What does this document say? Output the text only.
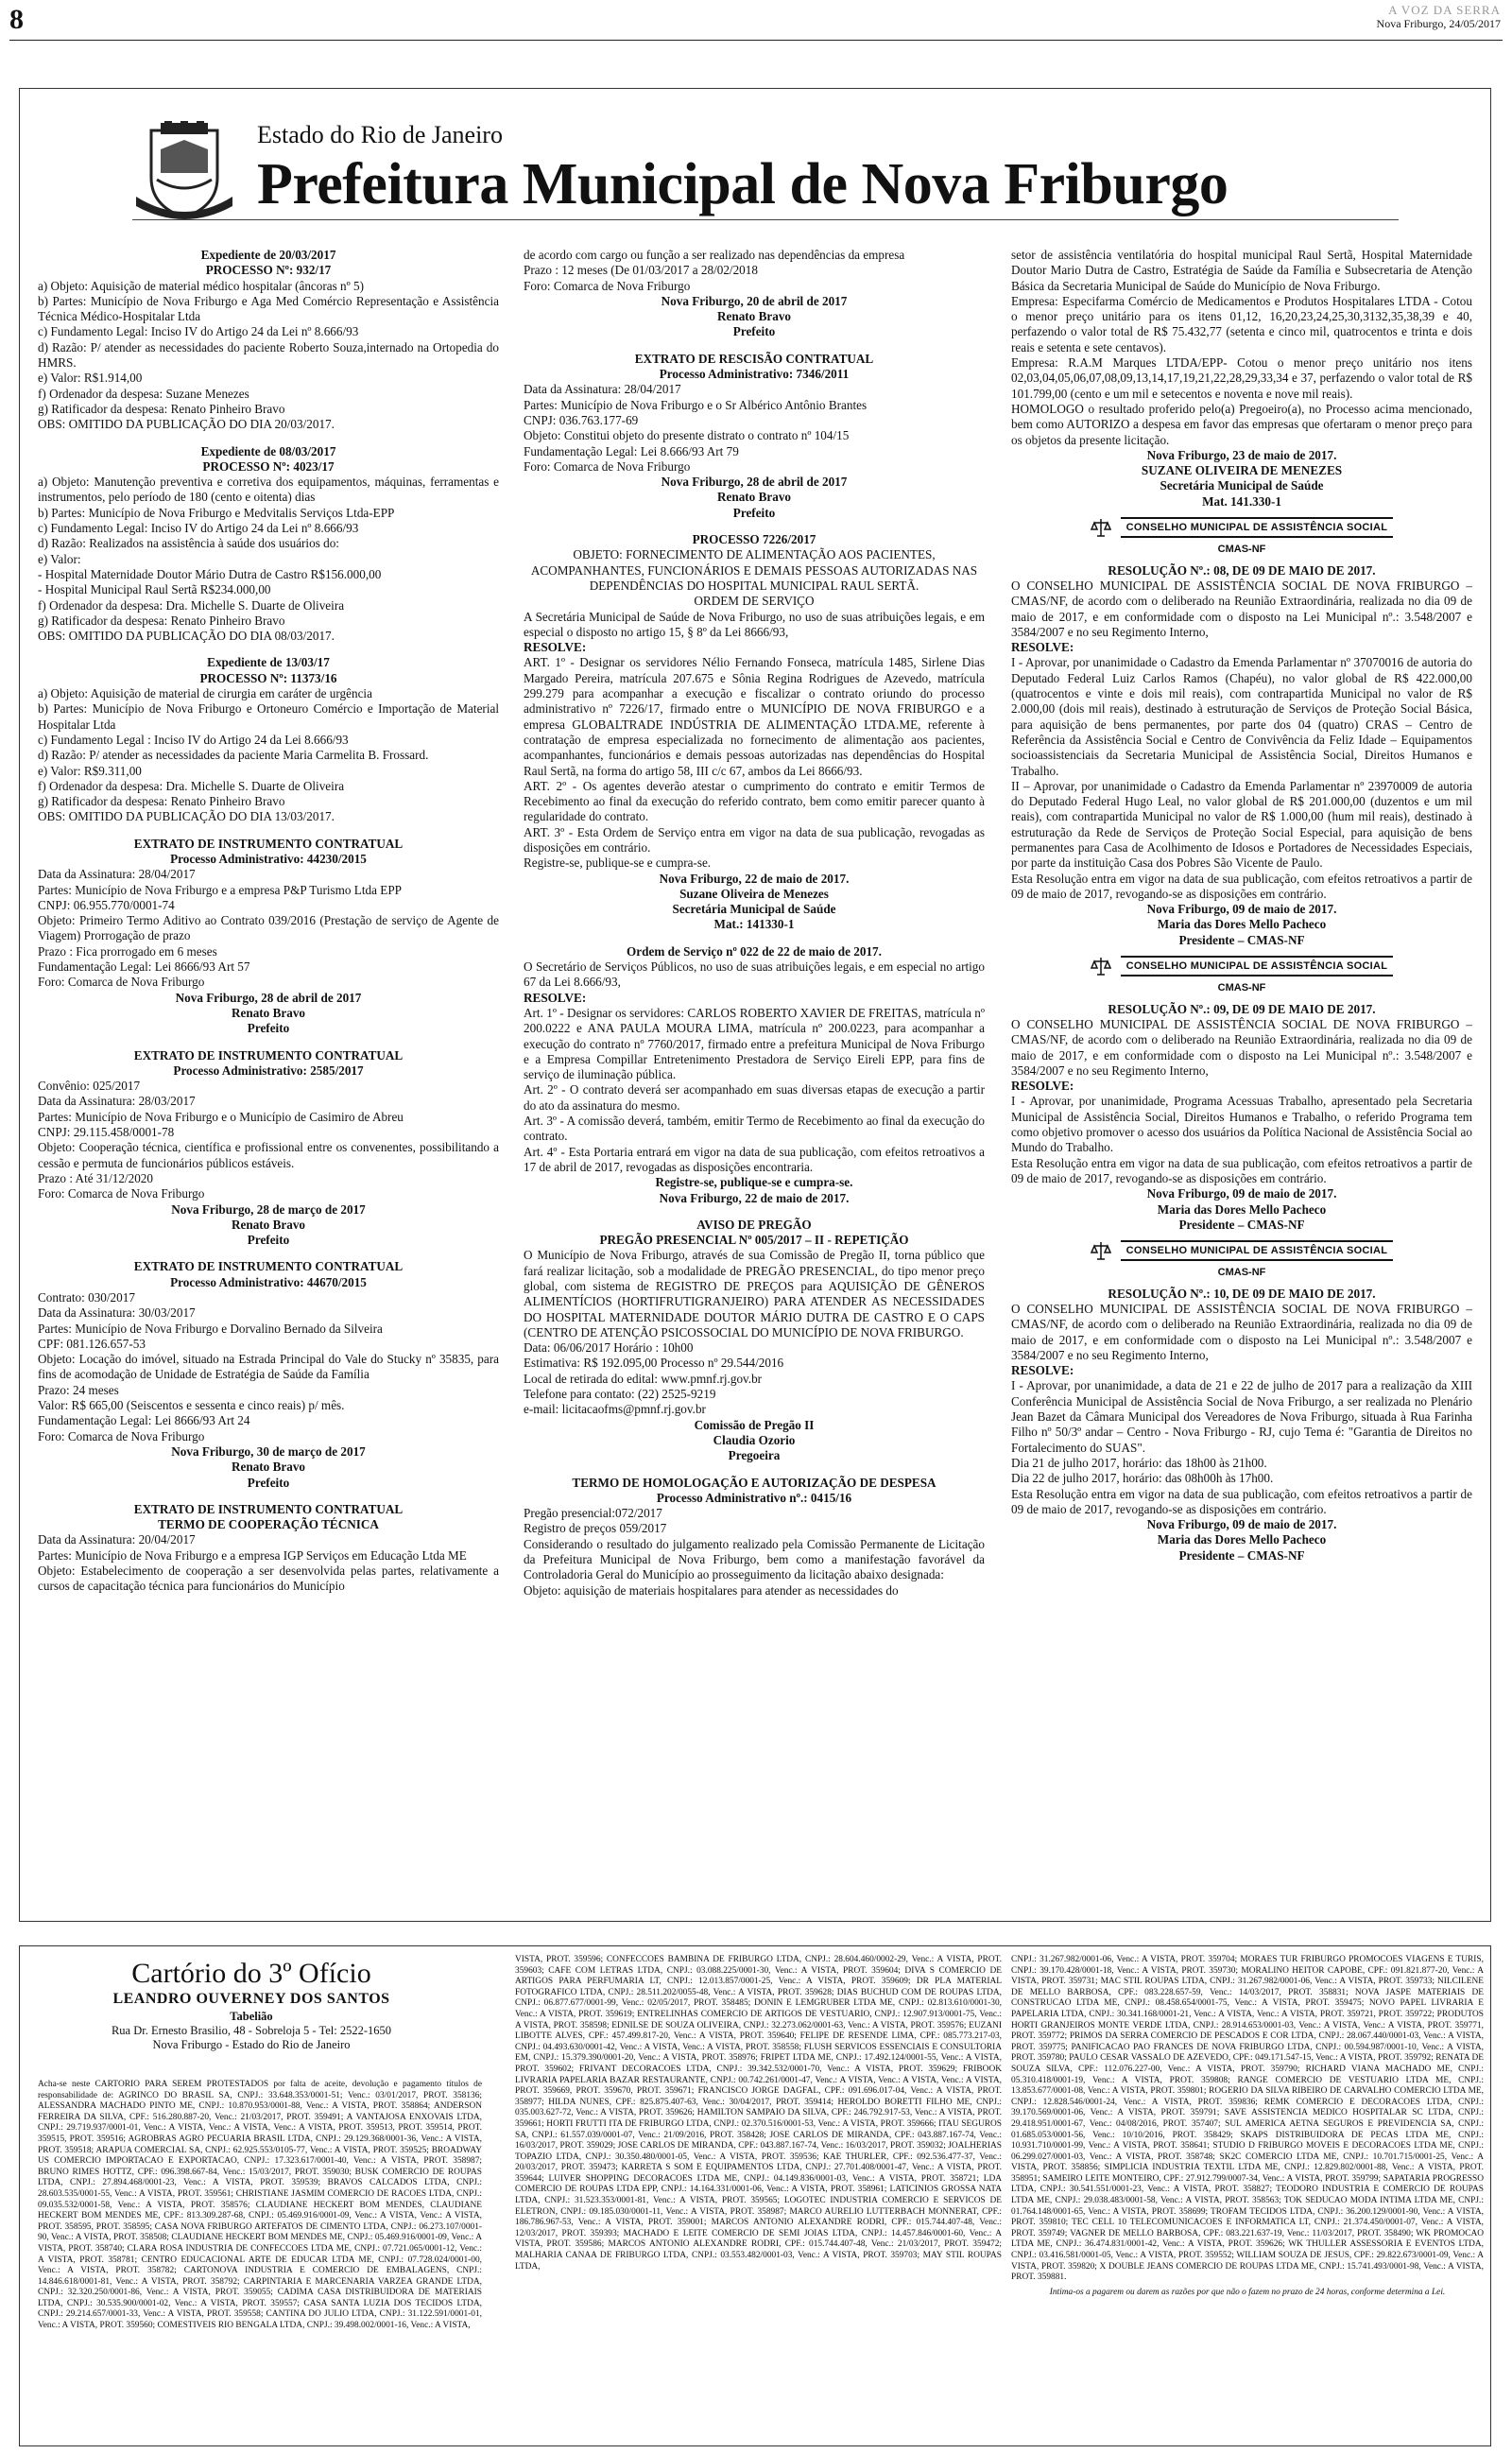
8	A VOZ DA SERRA
Nova Friburgo, 24/05/2017
Estado do Rio de Janeiro
Prefeitura Municipal de Nova Friburgo

Expediente de 20/03/2017

PROCESSO Nº: 932/17

a) Objeto: Aquisição de material médico hospitalar (âncoras nº 5)

b) Partes: Município de Nova Friburgo e Aga Med Comércio Representação e Assistência Técnica Médico-Hospitalar Ltda

c) Fundamento Legal: Inciso IV do Artigo 24 da Lei nº 8.666/93

d) Razão: P/ atender as necessidades do paciente Roberto Souza,internado na Ortopedia do HMRS.

e) Valor: R$1.914,00

f) Ordenador da despesa: Suzane Menezes

g) Ratificador da despesa: Renato Pinheiro Bravo

OBS: OMITIDO DA PUBLICAÇÃO DO DIA 20/03/2017.

Expediente de 08/03/2017

PROCESSO Nº: 4023/17

a) Objeto: Manutenção preventiva e corretiva dos equipamentos, máquinas, ferramentas e instrumentos, pelo período de 180 (cento e oitenta) dias

b) Partes: Município de Nova Friburgo e Medvitalis Serviços Ltda-EPP

c) Fundamento Legal: Inciso IV do Artigo 24 da Lei nº 8.666/93

d) Razão: Realizados na assistência à saúde dos usuários do:

e) Valor:

- Hospital Maternidade Doutor Mário Dutra de Castro R$156.000,00

- Hospital Municipal Raul Sertã R$234.000,00

f) Ordenador da despesa: Dra. Michelle S. Duarte de Oliveira

g) Ratificador da despesa: Renato Pinheiro Bravo

OBS: OMITIDO DA PUBLICAÇÃO DO DIA 08/03/2017.

Expediente de 13/03/17

PROCESSO Nº: 11373/16

a) Objeto: Aquisição de material de cirurgia em caráter de urgência

b) Partes: Município de Nova Friburgo e Ortoneuro Comércio e Importação de Material Hospitalar Ltda

c) Fundamento Legal : Inciso IV do Artigo 24 da Lei 8.666/93

d) Razão: P/ atender as necessidades da paciente Maria Carmelita B. Frossard.

e) Valor: R$9.311,00

f) Ordenador da despesa: Dra. Michelle S. Duarte de Oliveira

g) Ratificador da despesa: Renato Pinheiro Bravo

OBS: OMITIDO DA PUBLICAÇÃO DO DIA 13/03/2017.

EXTRATO DE INSTRUMENTO CONTRATUAL

Processo Administrativo: 44230/2015

Data da Assinatura: 28/04/2017

Partes: Município de Nova Friburgo e a empresa P&P Turismo Ltda EPP

CNPJ: 06.955.770/0001-74

Objeto: Primeiro Termo Aditivo ao Contrato 039/2016 (Prestação de serviço de Agente de Viagem) Prorrogação de prazo

Prazo : Fica prorrogado em 6 meses

Fundamentação Legal: Lei 8666/93 Art 57

Foro: Comarca de Nova Friburgo

Nova Friburgo, 28 de abril de 2017

Renato Bravo

Prefeito

EXTRATO DE INSTRUMENTO CONTRATUAL

Processo Administrativo: 2585/2017

Convênio: 025/2017

Data da Assinatura: 28/03/2017

Partes: Município de Nova Friburgo e o Município de Casimiro de Abreu

CNPJ: 29.115.458/0001-78

Objeto: Cooperação técnica, científica e profissional entre os convenentes, possibilitando a cessão e permuta de funcionários públicos estáveis.

Prazo : Até 31/12/2020

Foro: Comarca de Nova Friburgo

Nova Friburgo, 28 de março de 2017

Renato Bravo

Prefeito

EXTRATO DE INSTRUMENTO CONTRATUAL

Processo Administrativo: 44670/2015

Contrato: 030/2017

Data da Assinatura: 30/03/2017

Partes: Município de Nova Friburgo e Dorvalino Bernado da Silveira

CPF: 081.126.657-53

Objeto: Locação do imóvel, situado na Estrada Principal do Vale do Stucky nº 35835, para fins de acomodação de Unidade de Estratégia de Saúde da Família

Prazo: 24 meses

Valor: R$ 665,00 (Seiscentos e sessenta e cinco reais) p/ mês.

Fundamentação Legal: Lei 8666/93 Art 24

Foro: Comarca de Nova Friburgo

Nova Friburgo, 30 de março de 2017

Renato Bravo

Prefeito

EXTRATO DE INSTRUMENTO CONTRATUAL

TERMO DE COOPERAÇÃO TÉCNICA

Data da Assinatura: 20/04/2017

Partes: Município de Nova Friburgo e a empresa IGP Serviços em Educação Ltda ME

Objeto: Estabelecimento de cooperação a ser desenvolvida pelas partes, relativamente a cursos de capacitação técnica para funcionários do Município

de acordo com cargo ou função a ser realizado nas dependências da empresa

Prazo : 12 meses (De 01/03/2017 a 28/02/2018

Foro: Comarca de Nova Friburgo

Nova Friburgo, 20 de abril de 2017

Renato Bravo

Prefeito

EXTRATO DE RESCISÃO CONTRATUAL

Processo Administrativo: 7346/2011

Data da Assinatura: 28/04/2017

Partes: Município de Nova Friburgo e o Sr Albérico Antônio Brantes

CNPJ: 036.763.177-69

Objeto: Constitui objeto do presente distrato o contrato nº 104/15

Fundamentação Legal: Lei 8.666/93 Art 79

Foro: Comarca de Nova Friburgo

Nova Friburgo, 28 de abril de 2017

Renato Bravo

Prefeito

PROCESSO 7226/2017

OBJETO: FORNECIMENTO DE ALIMENTAÇÃO AOS PACIENTES, ACOMPANHANTES, FUNCIONÁRIOS E DEMAIS PESSOAS AUTORIZADAS NAS DEPENDÊNCIAS DO HOSPITAL MUNICIPAL RAUL SERTÃ.

ORDEM DE SERVIÇO

A Secretária Municipal de Saúde de Nova Friburgo, no uso de suas atribuições legais, e em especial o disposto no artigo 15, § 8º da Lei 8666/93,

RESOLVE:

ART. 1º - Designar os servidores Nélio Fernando Fonseca, matrícula 1485, Sirlene Dias Margado Pereira, matrícula 207.675 e Sônia Regina Rodrigues de Azevedo, matrícula 299.279 para acompanhar a execução e fiscalizar o contrato oriundo do processo administrativo nº 7226/17, firmado entre o MUNICÍPIO DE NOVA FRIBURGO e a empresa GLOBALTRADE INDÚSTRIA DE ALIMENTAÇÃO LTDA.ME, referente à contratação de empresa especializada no fornecimento de alimentação aos pacientes, acompanhantes, funcionários e demais pessoas autorizadas nas dependências do Hospital Raul Sertã, na forma do artigo 58, III c/c 67, ambos da Lei 8666/93.

ART. 2º - Os agentes deverão atestar o cumprimento do contrato e emitir Termos de Recebimento ao final da execução do referido contrato, bem como emitir parecer quanto à regularidade do contrato.

ART. 3º - Esta Ordem de Serviço entra em vigor na data de sua publicação, revogadas as disposições em contrário.

Registre-se, publique-se e cumpra-se.

Nova Friburgo, 22 de maio de 2017.

Suzane Oliveira de Menezes

Secretária Municipal de Saúde

Mat.: 141330-1

Ordem de Serviço nº 022 de 22 de maio de 2017.

O Secretário de Serviços Públicos, no uso de suas atribuições legais, e em especial no artigo 67 da Lei 8.666/93,

RESOLVE:

Art. 1º - Designar os servidores: CARLOS ROBERTO XAVIER DE FREITAS, matrícula nº 200.0222 e ANA PAULA MOURA LIMA, matrícula nº 200.0223, para acompanhar a execução do contrato nº 7760/2017, firmado entre a prefeitura Municipal de Nova Friburgo e a Empresa Compillar Entretenimento Prestadora de Serviço Eireli EPP, para fins de serviço de iluminação pública.

Art. 2º - O contrato deverá ser acompanhado em suas diversas etapas de execução a partir do ato da assinatura do mesmo.

Art. 3º - A comissão deverá, também, emitir Termo de Recebimento ao final da execução do contrato.

Art. 4º - Esta Portaria entrará em vigor na data de sua publicação, com efeitos retroativos a 17 de abril de 2017, revogadas as disposições encontraria.

Registre-se, publique-se e cumpra-se.

Nova Friburgo, 22 de maio de 2017.

AVISO DE PREGÃO

PREGÃO PRESENCIAL Nº 005/2017 – II - REPETIÇÃO

O Município de Nova Friburgo, através de sua Comissão de Pregão II, torna público que fará realizar licitação, sob a modalidade de PREGÃO PRESENCIAL, do tipo menor preço global, com sistema de REGISTRO DE PREÇOS para AQUISIÇÃO DE GÊNEROS ALIMENTÍCIOS (HORTIFRUTIGRANJEIRO) PARA ATENDER AS NECESSIDADES DO HOSPITAL MATERNIDADE DOUTOR MÁRIO DUTRA DE CASTRO E O CAPS (CENTRO DE ATENÇÃO PSICOSSOCIAL DO MUNICÍPIO DE NOVA FRIBURGO.

Data: 06/06/2017 Horário : 10h00

Estimativa: R$ 192.095,00 Processo nº 29.544/2016

Local de retirada do edital: www.pmnf.rj.gov.br

Telefone para contato: (22) 2525-9219

e-mail: licitacaofms@pmnf.rj.gov.br

Comissão de Pregão II

Claudia Ozorio

Pregoeira

TERMO DE HOMOLOGAÇÃO E AUTORIZAÇÃO DE DESPESA

Processo Administrativo nº.: 0415/16

Pregão presencial:072/2017

Registro de preços 059/2017

Considerando o resultado do julgamento realizado pela Comissão Permanente de Licitação da Prefeitura Municipal de Nova Friburgo, bem como a manifestação favorável da Controladoria Geral do Município ao prosseguimento da licitação abaixo designada:

Objeto: aquisição de materiais hospitalares para atender as necessidades do

setor de assistência ventilatória do hospital municipal Raul Sertã, Hospital Maternidade Doutor Mario Dutra de Castro, Estratégia de Saúde da Família e Subsecretaria de Atenção Básica da Secretaria Municipal de Saúde do Município de Nova Friburgo.

Empresa: Especifarma Comércio de Medicamentos e Produtos Hospitalares LTDA - Cotou o menor preço unitário para os itens 01,12, 16,20,23,24,25,30,3132,35,38,39 e 40, perfazendo o valor total de R$ 75.432,77 (setenta e cinco mil, quatrocentos e trinta e dois reais e setenta e sete centavos).

Empresa: R.A.M Marques LTDA/EPP- Cotou o menor preço unitário nos itens 02,03,04,05,06,07,08,09,13,14,17,19,21,22,28,29,33,34 e 37, perfazendo o valor total de R$ 101.799,00 (cento e um mil e setecentos e noventa e nove mil reais).

HOMOLOGO o resultado proferido pelo(a) Pregoeiro(a), no Processo acima mencionado, bem como AUTORIZO a despesa em favor das empresas que ofertaram o menor preço para os objetos da presente licitação.

Nova Friburgo, 23 de maio de 2017.

SUZANE OLIVEIRA DE MENEZES

Secretária Municipal de Saúde

Mat. 141.330-1

CONSELHO MUNICIPAL DE ASSISTÊNCIA SOCIAL
CMAS-NF

RESOLUÇÃO Nº.: 08, DE 09 DE MAIO DE 2017.

O CONSELHO MUNICIPAL DE ASSISTÊNCIA SOCIAL DE NOVA FRIBURGO – CMAS/NF, de acordo com o deliberado na Reunião Extraordinária, realizada no dia 09 de maio de 2017, e em conformidade com o disposto na Lei Municipal nº.: 3.548/2007 e 3584/2007 e no seu Regimento Interno,

RESOLVE:

I - Aprovar, por unanimidade o Cadastro da Emenda Parlamentar nº 37070016 de autoria do Deputado Federal Luiz Carlos Ramos (Chapéu), no valor global de R$ 422.000,00 (quatrocentos e vinte e dois mil reais), com contrapartida Municipal no valor de R$ 2.000,00 (dois mil reais), destinado à estruturação de Serviços de Proteção Social Básica, para aquisição de bens permanentes, por parte dos 04 (quatro) CRAS – Centro de Referência da Assistência Social e Centro de Convivência da Feliz Idade – Equipamentos socioassistenciais da Secretaria Municipal de Assistência Social, Direitos Humanos e Trabalho.

II – Aprovar, por unanimidade o Cadastro da Emenda Parlamentar nº 23970009 de autoria do Deputado Federal Hugo Leal, no valor global de R$ 201.000,00 (duzentos e um mil reais), com contrapartida Municipal no valor de R$ 1.000,00 (hum mil reais), destinado à estruturação da Rede de Serviços de Proteção Social Especial, para aquisição de bens permanentes para Casa de Acolhimento de Idosos e Portadores de Necessidades Especiais, por parte da instituição Casa dos Pobres São Vicente de Paulo.

Esta Resolução entra em vigor na data de sua publicação, com efeitos retroativos a partir de 09 de maio de 2017, revogando-se as disposições em contrário.

Nova Friburgo, 09 de maio de 2017.

Maria das Dores Mello Pacheco

Presidente – CMAS-NF

CONSELHO MUNICIPAL DE ASSISTÊNCIA SOCIAL
CMAS-NF

RESOLUÇÃO Nº.: 09, DE 09 DE MAIO DE 2017.

O CONSELHO MUNICIPAL DE ASSISTÊNCIA SOCIAL DE NOVA FRIBURGO – CMAS/NF, de acordo com o deliberado na Reunião Extraordinária, realizada no dia 09 de maio de 2017, e em conformidade com o disposto na Lei Municipal nº.: 3.548/2007 e 3584/2007 e no seu Regimento Interno,

RESOLVE:

I - Aprovar, por unanimidade, Programa Acessuas Trabalho, apresentado pela Secretaria Municipal de Assistência Social, Direitos Humanos e Trabalho, o referido Programa tem como objetivo promover o acesso dos usuários da Política Nacional de Assistência Social ao Mundo do Trabalho.

Esta Resolução entra em vigor na data de sua publicação, com efeitos retroativos a partir de 09 de maio de 2017, revogando-se as disposições em contrário.

Nova Friburgo, 09 de maio de 2017.

Maria das Dores Mello Pacheco

Presidente – CMAS-NF

CONSELHO MUNICIPAL DE ASSISTÊNCIA SOCIAL
CMAS-NF

RESOLUÇÃO Nº.: 10, DE 09 DE MAIO DE 2017.

O CONSELHO MUNICIPAL DE ASSISTÊNCIA SOCIAL DE NOVA FRIBURGO – CMAS/NF, de acordo com o deliberado na Reunião Extraordinária, realizada no dia 09 de maio de 2017, e em conformidade com o disposto na Lei Municipal nº.: 3.548/2007 e 3584/2007 e no seu Regimento Interno,

RESOLVE:

I - Aprovar, por unanimidade, a data de 21 e 22 de julho de 2017 para a realização da XIII Conferência Municipal de Assistência Social de Nova Friburgo, a ser realizada no Plenário Jean Bazet da Câmara Municipal dos Vereadores de Nova Friburgo, situada à Rua Farinha Filho nº 50/3º andar – Centro - Nova Friburgo - RJ, cujo Tema é: "Garantia de Direitos no Fortalecimento do SUAS".

Dia 21 de julho 2017, horário: das 18h00 às 21h00.

Dia 22 de julho 2017, horário: das 08h00h às 17h00.

Esta Resolução entra em vigor na data de sua publicação, com efeitos retroativos a partir de 09 de maio de 2017, revogando-se as disposições em contrário.

Nova Friburgo, 09 de maio de 2017.

Maria das Dores Mello Pacheco

Presidente – CMAS-NF

Cartório do 3º Ofício
LEANDRO OUVERNEY DOS SANTOS
Tabelião
Rua Dr. Ernesto Brasilio, 48 - Sobreloja 5 - Tel: 2522-1650
Nova Friburgo - Estado do Rio de Janeiro

Acha-se neste CARTÓRIO PARA SEREM PROTESTADOS por falta de aceite, devolução e pagamento títulos de responsabilidade de: AGRINCO DO BRASIL SA, CNPJ.: 33.648.353/0001-51; Venc.: 03/01/2017, PROT. 358136; ALESSANDRA MACHADO PINTO ME, CNPJ.: 10.870.953/0001-88, Venc.: A VISTA, PROT. 358864; ANDERSON FERREIRA DA SILVA, CPF.: 516.280.887-20, Venc.: 21/03/2017, PROT. 359491; A VANTAJOSA ENXOVAIS LTDA, CNPJ.: 29.719.937/0001-01, Venc.: A VISTA, Venc.: A VISTA, Venc.: A VISTA, PROT. 359513, PROT. 359514, PROT. 359515, PROT. 359516; AGROBRAS AGRO PECUARIA BRASIL LTDA, CNPJ.: 29.129.368/0001-36, Venc.: A VISTA, PROT. 359518; ARAPUA COMERCIAL SA, CNPJ.: 62.925.553/0105-77, Venc.: A VISTA, PROT. 359525; BROADWAY US COMERCIO IMPORTACAO E EXPORTACAO, CNPJ.: 17.323.617/0001-40, Venc.: A VISTA, PROT. 358987; BRUNO RIMES HOTTZ, CPF.: 096.398.667-84, Venc.: 15/03/2017, PROT. 359030; BUSK COMERCIO DE ROUPAS LTDA, CNPJ.: 27.894.468/0001-23, Venc.: A VISTA, PROT. 359539; BRAVOS CALCADOS LTDA, CNPJ.: 28.603.535/0001-55, Venc.: A VISTA, PROT. 359561; CHRISTIANE JASMIM COMERCIO DE RACOES LTDA, CNPJ.: 09.035.532/0001-58, Venc.: A VISTA, PROT. 358576; CLAUDIANE HECKERT BOM MENDES, CLAUDIANE HECKERT BOM MENDES ME, CPF.: 813.309.287-68, CNPJ.: 05.469.916/0001-09, Venc.: A VISTA, Venc.: A VISTA, PROT. 358595, PROT. 358595; CASA NOVA FRIBURGO ARTEFATOS DE CIMENTO LTDA, CNPJ.: 06.273.107/0001-90, Venc.: A VISTA, PROT. 358508; CLAUDIANE HECKERT BOM MENDES ME, CNPJ.: 05.469.916/0001-09, Venc.: A VISTA, PROT. 358740; CLARA ROSA INDUSTRIA DE CONFECCOES LTDA ME, CNPJ.: 07.721.065/0001-12, Venc.: A VISTA, PROT. 358781; CENTRO EDUCACIONAL ARTE DE EDUCAR LTDA ME, CNPJ.: 07.728.024/0001-00, Venc.: A VISTA, PROT. 358782; CARTONOVA INDUSTRIA E COMERCIO DE EMBALAGENS, CNPJ.: 14.846.618/0001-81, Venc.: A VISTA, PROT. 358792; CARPINTARIA E MARCENARIA VARZEA GRANDE LTDA, CNPJ.: 32.320.250/0001-86, Venc.: A VISTA, PROT. 359055; CADIMA CASA DISTRIBUIDORA DE MATERIAIS LTDA, CNPJ.: 30.535.900/0001-02, Venc.: A VISTA, PROT. 359557; CASA SANTA LUZIA DOS TECIDOS LTDA, CNPJ.: 29.214.657/0001-33, Venc.: A VISTA, PROT. 359558; CANTINA DO JULIO LTDA, CNPJ.: 31.122.591/0001-01, Venc.: A VISTA, PROT. 359560; COMESTIVEIS RIO BENGALA LTDA, CNPJ.: 39.498.002/0001-16, Venc.: A VISTA,

VISTA, PROT. 359596; CONFECCOES BAMBINA DE FRIBURGO LTDA, CNPJ.: 28.604.460/0002-29, Venc.: A VISTA, PROT. 359603; CAFE COM LETRAS LTDA, CNPJ.: 03.088.225/0001-30, Venc.: A VISTA, PROT. 359604; DIVA S COMERCIO DE ARTIGOS PARA PERFUMARIA LT, CNPJ.: 12.013.857/0001-25, Venc.: A VISTA, PROT. 359609; DR PLA MATERIAL FOTOGRAFICO LTDA, CNPJ.: 28.511.202/0055-48, Venc.: A VISTA, PROT. 359628; DIAS BUCHUD COM DE ROUPAS LTDA, CNPJ.: 06.877.677/0001-99, Venc.: 02/05/2017, PROT. 358485; DONIN E LEMGRUBER LTDA ME, CNPJ.: 02.813.610/0001-30, Venc.: A VISTA, PROT. 359619; ENTRELINHAS COMERCIO DE ARTIGOS DE VESTUARIO, CNPJ.: 12.907.913/0001-75, Venc.: A VISTA, PROT. 358598; EDNILSE DE SOUZA OLIVEIRA, CNPJ.: 32.273.062/0001-63, Venc.: A VISTA, PROT. 359576; EUZANI LIBOTTE ALVES, CPF.: 457.499.817-20, Venc.: A VISTA, PROT. 359640; FELIPE DE RESENDE LIMA, CPF.: 085.773.217-03, CNPJ.: 04.493.630/0001-42, Venc.: A VISTA, Venc.: A VISTA, PROT. 358558; FLUSH SERVICOS ESSENCIAIS E CONSULTORIA EM, CNPJ.: 15.379.390/0001-20, Venc.: A VISTA, PROT. 358976; FRIPET LTDA ME, CNPJ.: 17.492.124/0001-55, Venc.: A VISTA, PROT. 359602; FRIVANT DECORACOES LTDA, CNPJ.: 39.342.532/0001-70, Venc.: A VISTA, PROT. 359629; FRIBOOK LIVRARIA PAPELARIA BAZAR RESTAURANTE, CNPJ.: 00.742.261/0001-47, Venc.: A VISTA, Venc.: A VISTA, Venc.: A VISTA, PROT. 359669, PROT. 359670, PROT. 359671; FRANCISCO JORGE DAGFAL, CPF.: 091.696.017-04, Venc.: A VISTA, PROT. 358977; HILDA NUNES, CPF.: 825.875.407-63, Venc.: 30/04/2017, PROT. 359414; HEROLDO BORETTI FILHO ME, CNPJ.: 035.003.627-72, Venc.: A VISTA, PROT. 359626; HAMILTON SAMPAIO DA SILVA, CPF.: 246.792.917-53, Venc.: A VISTA, PROT. 359661; HORTI FRUTTI ITA DE FRIBURGO LTDA, CNPJ.: 02.370.516/0001-53, Venc.: A VISTA, PROT. 359666; ITAU SEGUROS SA, CNPJ.: 61.557.039/0001-07, Venc.: 21/09/2016, PROT. 358428; JOSE CARLOS DE MIRANDA, CPF.: 043.887.167-74, Venc.: 16/03/2017, PROT. 359029; JOSE CARLOS DE MIRANDA, CPF.: 043.887.167-74, Venc.: 16/03/2017, PROT. 359032; JOALHERIAS TOPAZIO LTDA, CNPJ.: 30.350.480/0001-05, Venc.: A VISTA, PROT. 359536; KAE THURLER, CPF.: 092.536.477-37, Venc.: 20/03/2017, PROT. 359473; KARRETA S SOM E EQUIPAMENTOS LTDA, CNPJ.: 27.701.408/0001-47, Venc.: A VISTA, PROT. 359644; LUIVER SHOPPING DECORACOES LTDA ME, CNPJ.: 04.149.836/0001-03, Venc.: A VISTA, PROT. 358721; LDA COMERCIO DE ROUPAS LTDA EPP, CNPJ.: 14.164.331/0001-06, Venc.: A VISTA, PROT. 358961; LATICINIOS GROSSA NATA LTDA, CNPJ.: 31.523.353/0001-81, Venc.: A VISTA, PROT. 359565; LOGOTEC INDUSTRIA COMERCIO E SERVICOS DE ELETRON, CNPJ.: 09.185.030/0001-11, Venc.: A VISTA, PROT. 358987; MARCO AURELIO LUTTERBACH MONNERAT, CPF.: 186.786.967-53, Venc.: A VISTA, PROT. 359001; MARCOS ANTONIO ALEXANDRE RODRI, CPF.: 015.744.407-48, Venc.: 12/03/2017, PROT. 359393; MACHADO E LEITE COMERCIO DE SEMI JOIAS LTDA, CNPJ.: 14.457.846/0001-60, Venc.: A VISTA, PROT. 359586; MARCOS ANTONIO ALEXANDRE RODRI, CPF.: 015.744.407-48, Venc.: 21/03/2017, PROT. 359472; MALHARIA CANAA DE FRIBURGO LTDA, CNPJ.: 03.553.482/0001-03, Venc.: A VISTA, PROT. 359703; MAY STIL ROUPAS LTDA,

CNPJ.: 31.267.982/0001-06, Venc.: A VISTA, PROT. 359704; MORAES TUR FRIBURGO PROMOCOES VIAGENS E TURIS, CNPJ.: 39.170.428/0001-18, Venc.: A VISTA, PROT. 359730; MORALINO HEITOR CAPOBE, CPF.: 091.821.877-20, Venc.: A VISTA, PROT. 359731; MAC STIL ROUPAS LTDA, CNPJ.: 31.267.982/0001-06, Venc.: A VISTA, PROT. 359733; NILCILENE DE MELLO BARBOSA, CPF.: 083.228.657-59, Venc.: 14/03/2017, PROT. 358831; NOVA JASPE MATERIAIS DE CONSTRUCAO LTDA ME, CNPJ.: 08.458.654/0001-75, Venc.: A VISTA, PROT. 359475; NOVO PAPEL LIVRARIA E PAPELARIA LTDA, CNPJ.: 30.341.168/0001-21, Venc.: A VISTA, Venc.: A VISTA, PROT. 359721, PROT. 359722; PRODUTOS HORTI GRANJEIROS MONTE VERDE LTDA, CNPJ.: 28.914.653/0001-03, Venc.: A VISTA, Venc.: A VISTA, PROT. 359771, PROT. 359772; PRIMOS DA SERRA COMERCIO DE PESCADOS E COR LTDA, CNPJ.: 28.067.440/0001-03, Venc.: A VISTA, PROT. 359775; PANIFICACAO PAO FRANCES DE NOVA FRIBURGO LTDA, CNPJ.: 00.594.987/0001-10, Venc.: A VISTA, PROT. 359780; PAULO CESAR VASSALO DE AZEVEDO, CPF.: 049.171.547-15, Venc.: A VISTA, PROT. 359792; RENATA DE SOUZA SILVA, CPF.: 112.076.227-00, Venc.: A VISTA, PROT. 359790; RICHARD VIANA MACHADO ME, CNPJ.: 05.310.418/0001-19, Venc.: A VISTA, PROT. 359808; RANGE COMERCIO DE VESTUARIO LTDA ME, CNPJ.: 13.853.677/0001-08, Venc.: A VISTA, PROT. 359801; ROGERIO DA SILVA RIBEIRO DE CARVALHO COMERCIO LTDA ME, CNPJ.: 12.828.546/0001-24, Venc.: A VISTA, PROT. 359836; REMK COMERCIO E DECORACOES LTDA, CNPJ.: 39.170.569/0001-06, Venc.: A VISTA, PROT. 359791; SAVE ASSISTENCIA MEDICO HOSPITALAR SC LTDA, CNPJ.: 29.418.951/0001-67, Venc.: 04/08/2016, PROT. 357407; SUL AMERICA AETNA SEGUROS E PREVIDENCIA SA, CNPJ.: 01.685.053/0001-56, Venc.: 10/10/2016, PROT. 358429; SKAPS DISTRIBUIDORA DE PECAS LTDA ME, CNPJ.: 10.931.710/0001-99, Venc.: A VISTA, PROT. 358641; STUDIO D FRIBURGO MOVEIS E DECORACOES LTDA ME, CNPJ.: 06.299.027/0001-03, Venc.: A VISTA, PROT. 358748; SK2C COMERCIO LTDA ME, CNPJ.: 10.701.715/0001-25, Venc.: A VISTA, PROT. 358856; SIMPLICIA INDUSTRIA TEXTIL LTDA ME, CNPJ.: 12.829.802/0001-88, Venc.: A VISTA, PROT. 358951; SAMEIRO LEITE MONTEIRO, CPF.: 27.912.799/0007-34, Venc.: A VISTA, PROT. 359799; SAPATARIA PROGRESSO LTDA, CNPJ.: 30.541.551/0001-23, Venc.: A VISTA, PROT. 358827; TEODORO INDUSTRIA E COMERCIO DE ROUPAS LTDA ME, CNPJ.: 29.038.483/0001-58, Venc.: A VISTA, PROT. 358563; TOK SEDUCAO MODA INTIMA LTDA ME, CNPJ.: 01.764.148/0001-65, Venc.: A VISTA, PROT. 358699; TROFAM TECIDOS LTDA, CNPJ.: 36.200.129/0001-90, Venc.: A VISTA, PROT. 359810; TEC CELL 10 TELECOMUNICACOES E INFORMATICA LT, CNPJ.: 21.374.450/0001-07, Venc.: A VISTA, PROT. 359749; VAGNER DE MELLO BARBOSA, CPF.: 083.221.637-19, Venc.: 11/03/2017, PROT. 358490; WK PROMOCAO LTDA ME, CNPJ.: 36.474.831/0001-42, Venc.: A VISTA, PROT. 359626; WK THULLER ASSESSORIA E EVENTOS LTDA, CNPJ.: 03.416.581/0001-05, Venc.: A VISTA, PROT. 359552; WILLIAM SOUZA DE JESUS, CPF.: 29.822.673/0001-09, Venc.: A VISTA, PROT. 359820; X DOUBLE JEANS COMERCIO DE ROUPAS LTDA ME, CNPJ.: 15.741.493/0001-98, Venc.: A VISTA, PROT. 359881.

Intima-os a pagarem ou darem as razões por que não o fazem no prazo de 24 horas, conforme determina a Lei.
